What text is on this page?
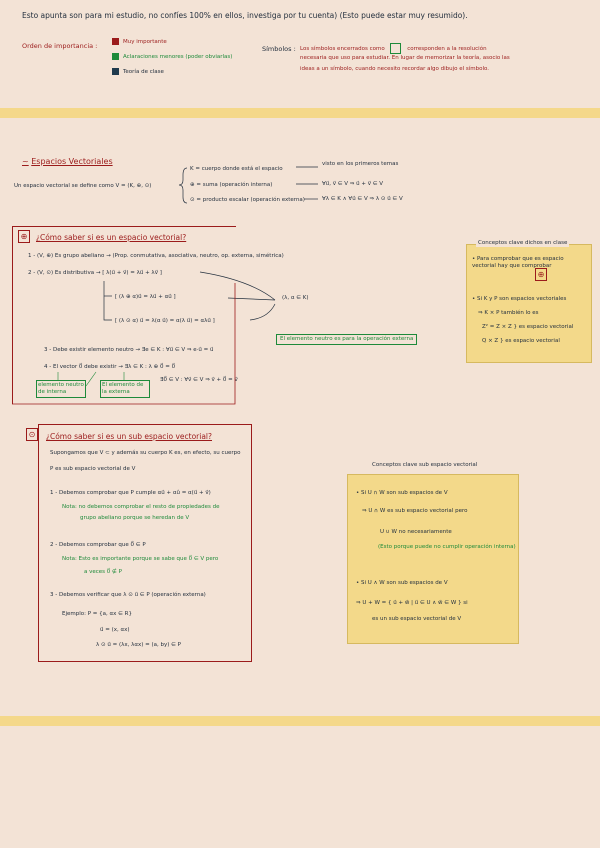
Esto apunta son para mi estudio, no confíes 100% en ellos, investiga por tu cuenta) (Esto puede estar muy resumido).
Orden de importancia :	Muy importante
Aclaraciones menores (poder obviarlas)
Teoría de clase
Símbolos : Los símbolos encerrados como	corresponden a la resolución
necesaria que uso para estudiar. En lugar de memorizar la teoría, asocio las
ideas a un símbolo, cuando necesito recordar algo dibujo el símbolo.
~ Espacios Vectoriales
Un espacio vectorial se define como V = (K, ⊕, ⊙)
K = cuerpo donde está el espacio
⊕ = suma (operación interna)
⊙ = producto escalar (operación externa)
visto en los primeros temas
∀u⃗, v⃗ ∈ V ⇒ u⃗ + v⃗ ∈ V
∀λ ∈ K ∧ ∀u⃗ ∈ V ⇒ λ ⊙ u⃗ ∈ V
⊕	¿Cómo saber si es un espacio vectorial?
1 - (V, ⊕) Es grupo abeliano → (Prop. conmutativa, asociativa, neutro, op. externa, simétrica)
2 - (V, ⊙) Es distributiva → [ λ(u⃗ + v⃗) = λu⃗ + λv⃗ ]
[ (λ ⊕ α)u⃗ = λu⃗ + αu⃗ ]
[ (λ ⊙ α) u⃗ = λ(α u⃗) = α(λ u⃗) = αλu⃗ ]
(λ, α ∈ K)
3 - Debe existir elemento neutro → ∃e ∈ K : ∀u⃗ ∈ V ⇒ e·u⃗ = u⃗
El elemento neutro es para la operación externa
4 - El vector 0⃗ debe existir → ∃λ ∈ K : λ ⊕ 0⃗ = 0⃗
∃0⃗ ∈ V : ∀v⃗ ∈ V ⇒ v⃗ + 0⃗ = v⃗
elemento neutro de interna
El elemento de la externa
Conceptos clave dichos en clase
• Para comprobar que es espacio vectorial hay que comprobar
⊕
• Si K y P son espacios vectoriales
⇒ K × P también lo es
Z² = Z × Z } es espacio vectorial
Q × Z } es espacio vectorial
⊙	¿Cómo saber si es un sub espacio vectorial?
Supongamos que V ⊂ y además su cuerpo K es, en efecto, su cuerpo
P es sub espacio vectorial de V
1 - Debemos comprobar que P cumple αu⃗ + αû = α(u⃗ + v⃗)
Nota: no debemos comprobar el resto de propiedades de
grupo abeliano porque se heredan de V
2 - Debemos comprobar que 0⃗ ∈ P
Nota: Esto es importante porque se sabe que 0⃗ ∈ V pero
a veces 0⃗ ∉ P
3 - Debemos verificar que λ ⊙ u⃗ ∈ P (operación externa)
Ejemplo: P = {a, αx ∈ R}
u⃗ = (x, αx)
λ ⊙ u⃗ = (λx, λαx) = (a, by) ∈ P
Conceptos clave sub espacio vectorial
• Si U ∩ W son sub espacios de V
⇒ U ∩ W es sub espacio vectorial pero
U ∪ W no necesariamente
(Esto porque puede no cumplir operación interna)
• Si U ∧ W son sub espacios de V
⇒ U + W = { u⃗ + w⃗ | u⃗ ∈ U ∧ w⃗ ∈ W } si
es un sub espacio vectorial de V
